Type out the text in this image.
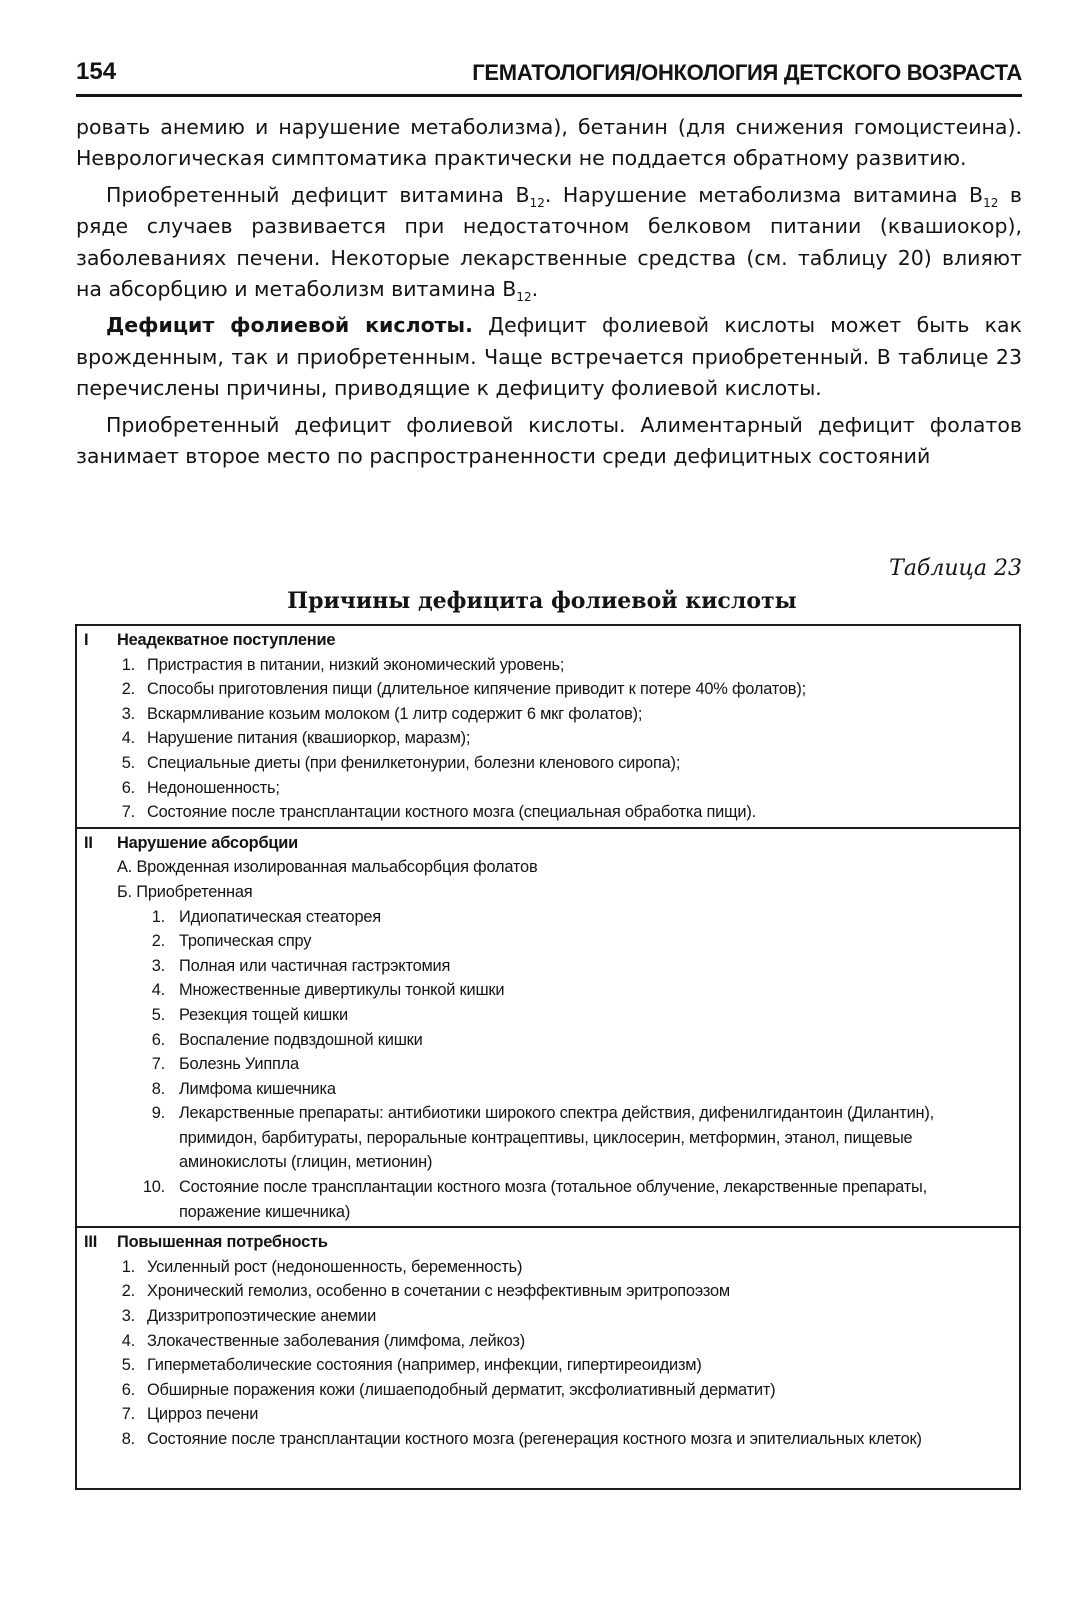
154	ГЕМАТОЛОГИЯ/ОНКОЛОГИЯ ДЕТСКОГО ВОЗРАСТА

ровать анемию и нарушение метаболизма), бетанин (для снижения гомоцистеина). Неврологическая симптоматика практически не поддается обратному развитию.

Приобретенный дефицит витамина $B_{12}$. Нарушение метаболизма витамина $B_{12}$ в ряде случаев развивается при недостаточном белковом питании (квашиокор), заболеваниях печени. Некоторые лекарственные средства (см. таблицу 20) влияют на абсорбцию и метаболизм витамина $B_{12}$.

Дефицит фолиевой кислоты. Дефицит фолиевой кислоты может быть как врожденным, так и приобретенным. Чаще встречается приобретенный. В таблице 23 перечислены причины, приводящие к дефициту фолиевой кислоты.

Приобретенный дефицит фолиевой кислоты. Алиментарный дефицит фолатов занимает второе место по распространенности среди дефицитных состояний

Таблица 23
Причины дефицита фолиевой кислоты
I	Неадекватное поступление
1. Пристрастия в питании, низкий экономический уровень;
2. Способы приготовления пищи (длительное кипячение приводит к потере 40% фолатов);
3. Вскармливание козьим молоком (1 литр содержит 6 мкг фолатов);
4. Нарушение питания (квашиоркор, маразм);
5. Специальные диеты (при фенилкетонурии, болезни кленового сиропа);
6. Недоношенность;
7. Состояние после трансплантации костного мозга (специальная обработка пищи).
II	Нарушение абсорбции
А. Врожденная изолированная мальабсорбция фолатов
Б. Приобретенная
1. Идиопатическая стеаторея
2. Тропическая спру
3. Полная или частичная гастрэктомия
4. Множественные дивертикулы тонкой кишки
5. Резекция тощей кишки
6. Воспаление подвздошной кишки
7. Болезнь Уиппла
8. Лимфома кишечника
9. Лекарственные препараты: антибиотики широкого спектра действия, дифенилгидантоин (Дилантин), примидон, барбитураты, пероральные контрацептивы, циклосерин, метформин, этанол, пищевые аминокислоты (глицин, метионин)
10. Состояние после трансплантации костного мозга (тотальное облучение, лекарственные препараты, поражение кишечника)
III	Повышенная потребность
1. Усиленный рост (недоношенность, беременность)
2. Хронический гемолиз, особенно в сочетании с неэффективным эритропоэзом
3. Диззритропоэтические анемии
4. Злокачественные заболевания (лимфома, лейкоз)
5. Гиперметаболические состояния (например, инфекции, гипертиреоидизм)
6. Обширные поражения кожи (лишаеподобный дерматит, эксфолиативный дерматит)
7. Цирроз печени
8. Состояние после трансплантации костного мозга (регенерация костного мозга и эпителиальных клеток)
